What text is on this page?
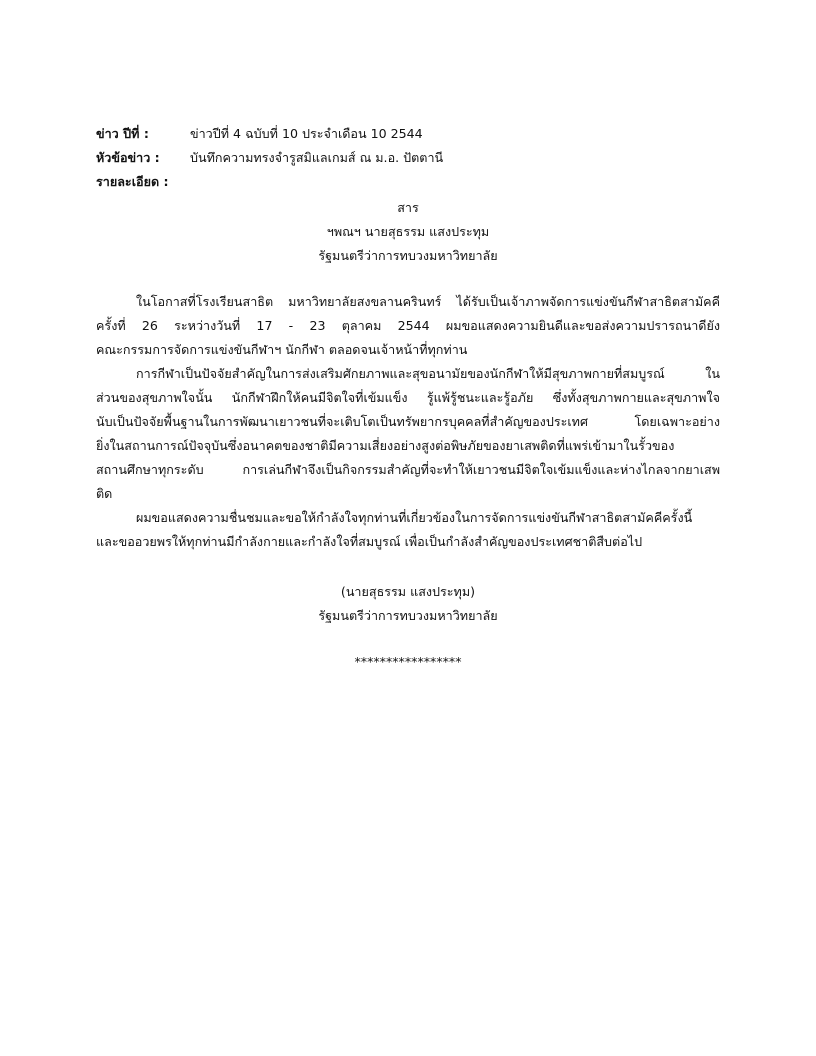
ข่าว ปีที่ :	ข่าวปีที่ 4 ฉบับที่ 10 ประจำเดือน 10 2544
หัวข้อข่าว : บันทึกความทรงจำรูสมิแลเกมส์ ณ ม.อ. ปัตตานี
รายละเอียด :
สาร
ฯพณฯ นายสุธรรม แสงประทุม
รัฐมนตรีว่าการทบวงมหาวิทยาลัย
ในโอกาสที่โรงเรียนสาธิต มหาวิทยาลัยสงขลานครินทร์ ได้รับเป็นเจ้าภาพจัดการแข่งขันกีฬาสาธิตสามัคคี
ครั้งที่ 26 ระหว่างวันที่ 17 - 23 ตุลาคม 2544 ผมขอแสดงความยินดีและขอส่งความปรารถนาดียัง
คณะกรรมการจัดการแข่งขันกีฬาฯ นักกีฬา ตลอดจนเจ้าหน้าที่ทุกท่าน
การกีฬาเป็นปัจจัยสำคัญในการส่งเสริมศักยภาพและสุขอนามัยของนักกีฬาให้มีสุขภาพกายที่สมบูรณ์ ใน
ส่วนของสุขภาพใจนั้น นักกีฬาฝึกให้คนมีจิตใจที่เข้มแข็ง รู้แพ้รู้ชนะและรู้อภัย ซึ่งทั้งสุขภาพกายและสุขภาพใจ
นับเป็นปัจจัยพื้นฐานในการพัฒนาเยาวชนที่จะเติบโตเป็นทรัพยากรบุคคลที่สำคัญของประเทศ โดยเฉพาะอย่าง
ยิ่งในสถานการณ์ปัจจุบันซึ่งอนาคตของชาติมีความเสี่ยงอย่างสูงต่อพิษภัยของยาเสพติดที่แพร่เข้ามาในรั้วของ
สถานศึกษาทุกระดับ การเล่นกีฬาจึงเป็นกิจกรรมสำคัญที่จะทำให้เยาวชนมีจิตใจเข้มแข็งและห่างไกลจากยาเสพ
ติด
ผมขอแสดงความชื่นชมและขอให้กำลังใจทุกท่านที่เกี่ยวข้องในการจัดการแข่งขันกีฬาสาธิตสามัคคีครั้งนี้
และขออวยพรให้ทุกท่านมีกำลังกายและกำลังใจที่สมบูรณ์ เพื่อเป็นกำลังสำคัญของประเทศชาติสืบต่อไป
(นายสุธรรม แสงประทุม)
รัฐมนตรีว่าการทบวงมหาวิทยาลัย
*****************
